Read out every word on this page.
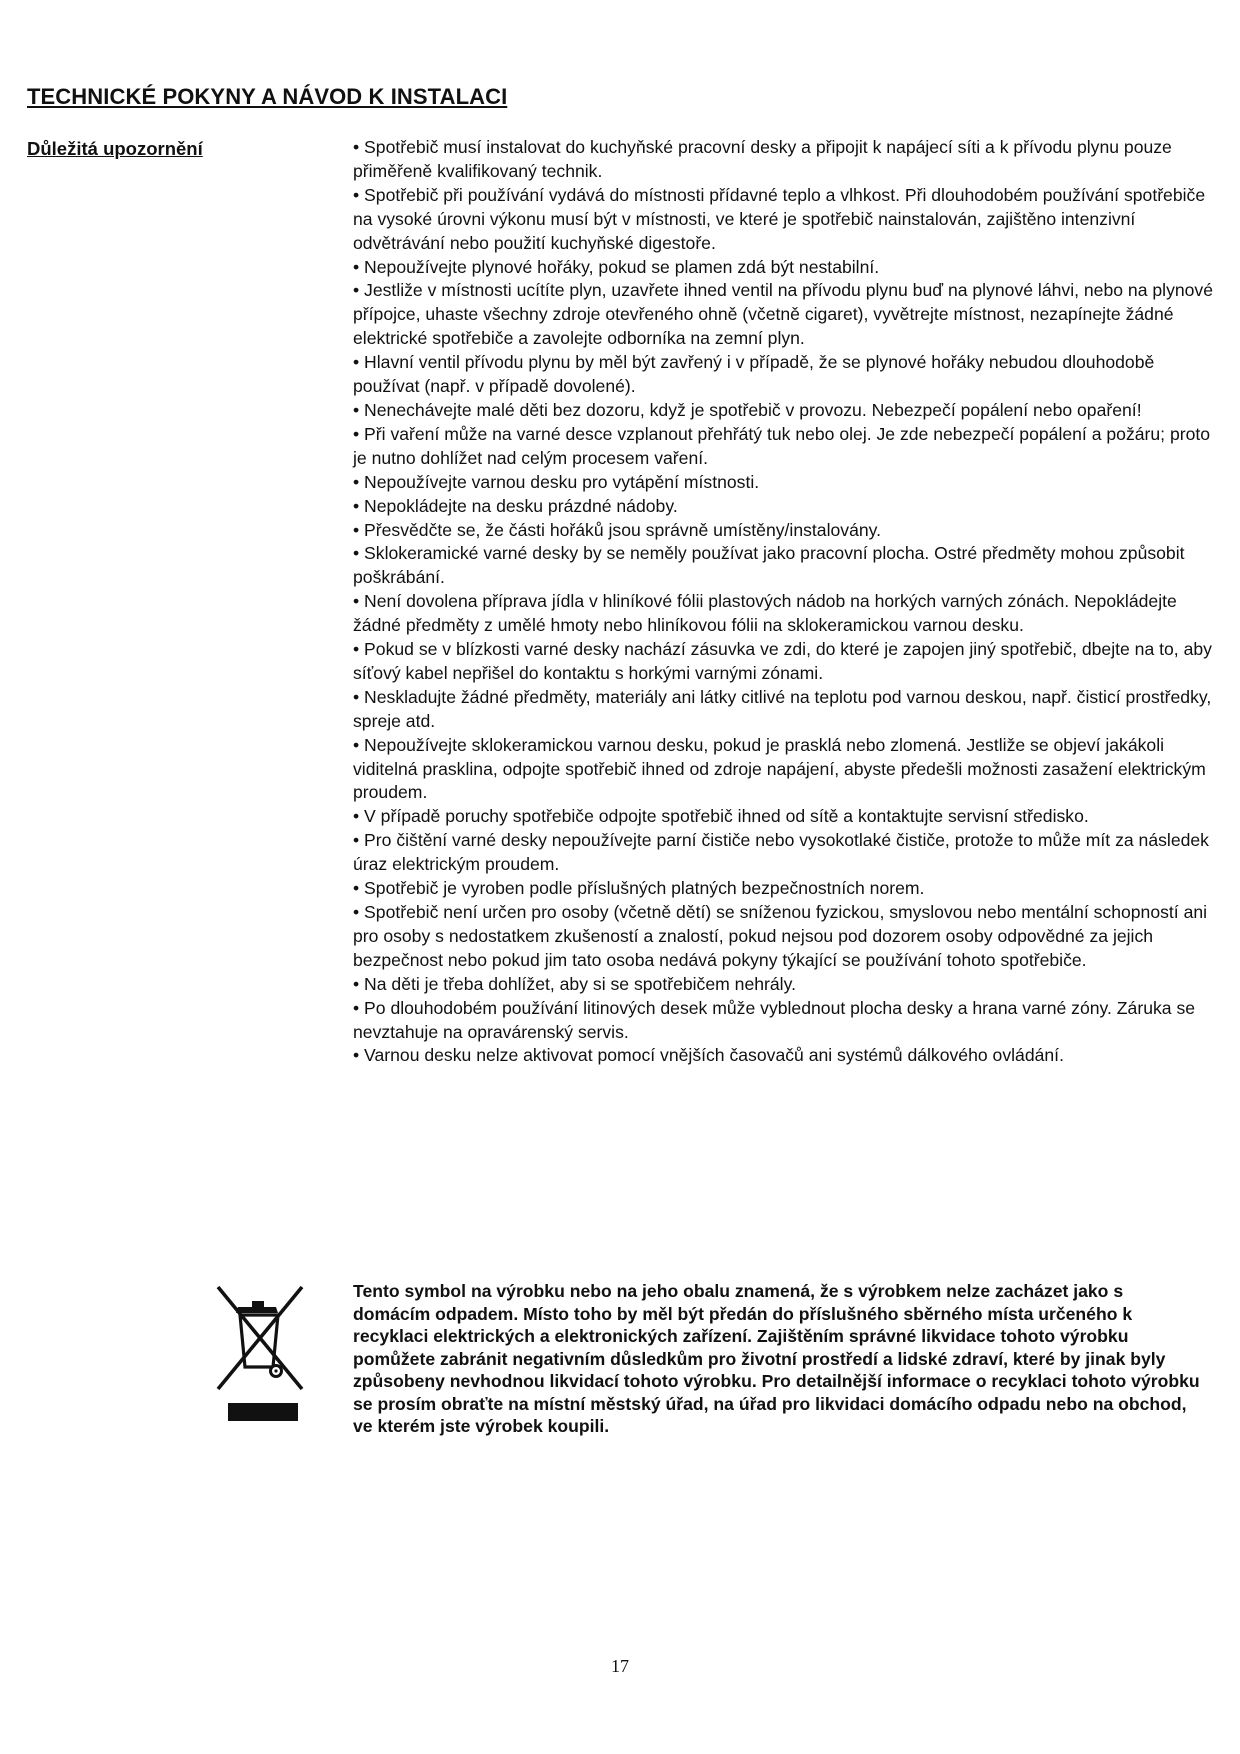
TECHNICKÉ POKYNY A NÁVOD K INSTALACI
Důležitá upozornění	• Spotřebič musí instalovat do kuchyňské pracovní desky a připojit k napájecí síti a k přívodu plynu pouze přiměřeně kvalifikovaný technik.
• Spotřebič při používání vydává do místnosti přídavné teplo a vlhkost. Při dlouhodobém používání spotřebiče na vysoké úrovni výkonu musí být v místnosti, ve které je spotřebič nainstalován, zajištěno intenzivní odvětrávání nebo použití kuchyňské digestoře.
• Nepoužívejte plynové hořáky, pokud se plamen zdá být nestabilní.
• Jestliže v místnosti ucítíte plyn, uzavřete ihned ventil na přívodu plynu buď na plynové láhvi, nebo na plynové přípojce, uhaste všechny zdroje otevřeného ohně (včetně cigaret), vyvětrejte místnost, nezapínejte žádné elektrické spotřebiče a zavolejte odborníka na zemní plyn.
• Hlavní ventil přívodu plynu by měl být zavřený i v případě, že se plynové hořáky nebudou dlouhodobě používat (např. v případě dovolené).
• Nenechávejte malé děti bez dozoru, když je spotřebič v provozu. Nebezpečí popálení nebo opaření!
• Při vaření může na varné desce vzplanout přehřátý tuk nebo olej. Je zde nebezpečí popálení a požáru; proto je nutno dohlížet nad celým procesem vaření.
• Nepoužívejte varnou desku pro vytápění místnosti.
• Nepokládejte na desku prázdné nádoby.
• Přesvědčte se, že části hořáků jsou správně umístěny/instalovány.
• Sklokeramické varné desky by se neměly používat jako pracovní plocha. Ostré předměty mohou způsobit poškrábání.
• Není dovolena příprava jídla v hliníkové fólii plastových nádob na horkých varných zónách. Nepokládejte žádné předměty z umělé hmoty nebo hliníkovou fólii na sklokeramickou varnou desku.
• Pokud se v blízkosti varné desky nachází zásuvka ve zdi, do které je zapojen jiný spotřebič, dbejte na to, aby síťový kabel nepřišel do kontaktu s horkými varnými zónami.
• Neskladujte žádné předměty, materiály ani látky citlivé na teplotu pod varnou deskou, např. čisticí prostředky, spreje atd.
• Nepoužívejte sklokeramickou varnou desku, pokud je prasklá nebo zlomená. Jestliže se objeví jakákoli viditelná prasklina, odpojte spotřebič ihned od zdroje napájení, abyste předešli možnosti zasažení elektrickým proudem.
• V případě poruchy spotřebiče odpojte spotřebič ihned od sítě a kontaktujte servisní středisko.
• Pro čištění varné desky nepoužívejte parní čističe nebo vysokotlaké čističe, protože to může mít za následek úraz elektrickým proudem.
• Spotřebič je vyroben podle příslušných platných bezpečnostních norem.
• Spotřebič není určen pro osoby (včetně dětí) se sníženou fyzickou, smyslovou nebo mentální schopností ani pro osoby s nedostatkem zkušeností a znalostí, pokud nejsou pod dozorem osoby odpovědné za jejich bezpečnost nebo pokud jim tato osoba nedává pokyny týkající se používání tohoto spotřebiče.
• Na děti je třeba dohlížet, aby si se spotřebičem nehrály.
• Po dlouhodobém používání litinových desek může vyblednout plocha desky a hrana varné zóny. Záruka se nevztahuje na opravárenský servis.
• Varnou desku nelze aktivovat pomocí vnějších časovačů ani systémů dálkového ovládání.

Tento symbol na výrobku nebo na jeho obalu znamená, že s výrobkem nelze zacházet jako s domácím odpadem. Místo toho by měl být předán do příslušného sběrného místa určeného k recyklaci elektrických a elektronických zařízení. Zajištěním správné likvidace tohoto výrobku pomůžete zabránit negativním důsledkům pro životní prostředí a lidské zdraví, které by jinak byly způsobeny nevhodnou likvidací tohoto výrobku. Pro detailnější informace o recyklaci tohoto výrobku se prosím obraťte na místní městský úřad, na úřad pro likvidaci domácího odpadu nebo na obchod, ve kterém jste výrobek koupili.

17
